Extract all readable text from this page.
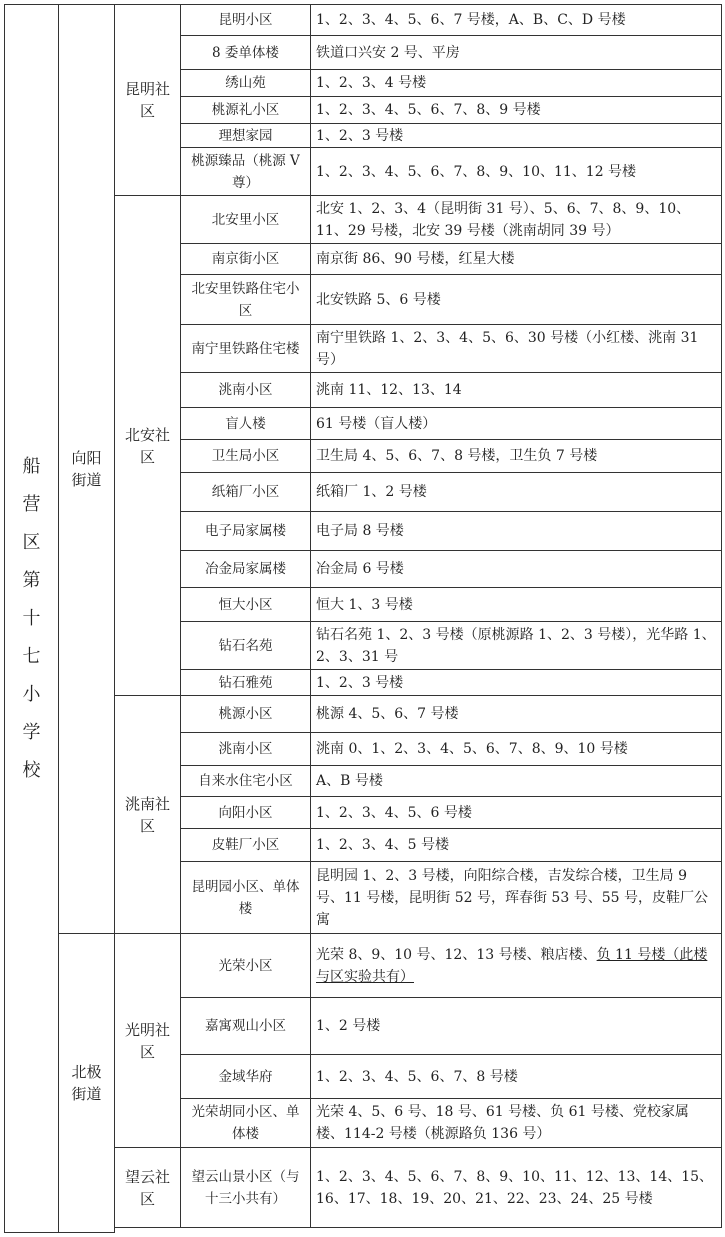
船营区第十七小学校	向阳街道	昆明社区	昆明小区	1、2、3、4、5、6、7 号楼，A、B、C、D 号楼
			8 委单体楼	铁道口兴安 2 号、平房
			绣山苑	1、2、3、4 号楼
			桃源礼小区	1、2、3、4、5、6、7、8、9 号楼
			理想家园	1、2、3 号楼
			桃源臻品（桃源 V 尊）	1、2、3、4、5、6、7、8、9、10、11、12 号楼
		北安社区	北安里小区	北安 1、2、3、4（昆明街 31 号）、5、6、7、8、9、10、11、29 号楼，北安 39 号楼（洮南胡同 39 号）
			南京街小区	南京街 86、90 号楼，红星大楼
			北安里铁路住宅小区	北安铁路 5、6 号楼
			南宁里铁路住宅楼	南宁里铁路 1、2、3、4、5、6、30 号楼（小红楼、洮南 31 号）
			洮南小区	洮南 11、12、13、14
			盲人楼	61 号楼（盲人楼）
			卫生局小区	卫生局 4、5、6、7、8 号楼，卫生负 7 号楼
			纸箱厂小区	纸箱厂 1、2 号楼
			电子局家属楼	电子局 8 号楼
			冶金局家属楼	冶金局 6 号楼
			恒大小区	恒大 1、3 号楼
			钻石名苑	钻石名苑 1、2、3 号楼（原桃源路 1、2、3 号楼），光华路 1、2、3、31 号
			钻石雅苑	1、2、3 号楼
		洮南社区	桃源小区	桃源 4、5、6、7 号楼
			洮南小区	洮南 0、1、2、3、4、5、6、7、8、9、10 号楼
			自来水住宅小区	A、B 号楼
			向阳小区	1、2、3、4、5、6 号楼
			皮鞋厂小区	1、2、3、4、5 号楼
			昆明园小区、单体楼	昆明园 1、2、3 号楼，向阳综合楼，吉发综合楼，卫生局 9 号、11 号楼，昆明街 52 号，珲春街 53 号、55 号，皮鞋厂公寓
	北极街道	光明社区	光荣小区	光荣 8、9、10 号、12、13 号楼、粮店楼、负 11 号楼（此楼与区实验共有）
			嘉寓观山小区	1、2 号楼
			金域华府	1、2、3、4、5、6、7、8 号楼
			光荣胡同小区、单体楼	光荣 4、5、6 号、18 号、61 号楼、负 61 号楼、党校家属楼、114-2 号楼（桃源路负 136 号）
		望云社区	望云山景小区（与十三小共有）	1、2、3、4、5、6、7、8、9、10、11、12、13、14、15、16、17、18、19、20、21、22、23、24、25 号楼
